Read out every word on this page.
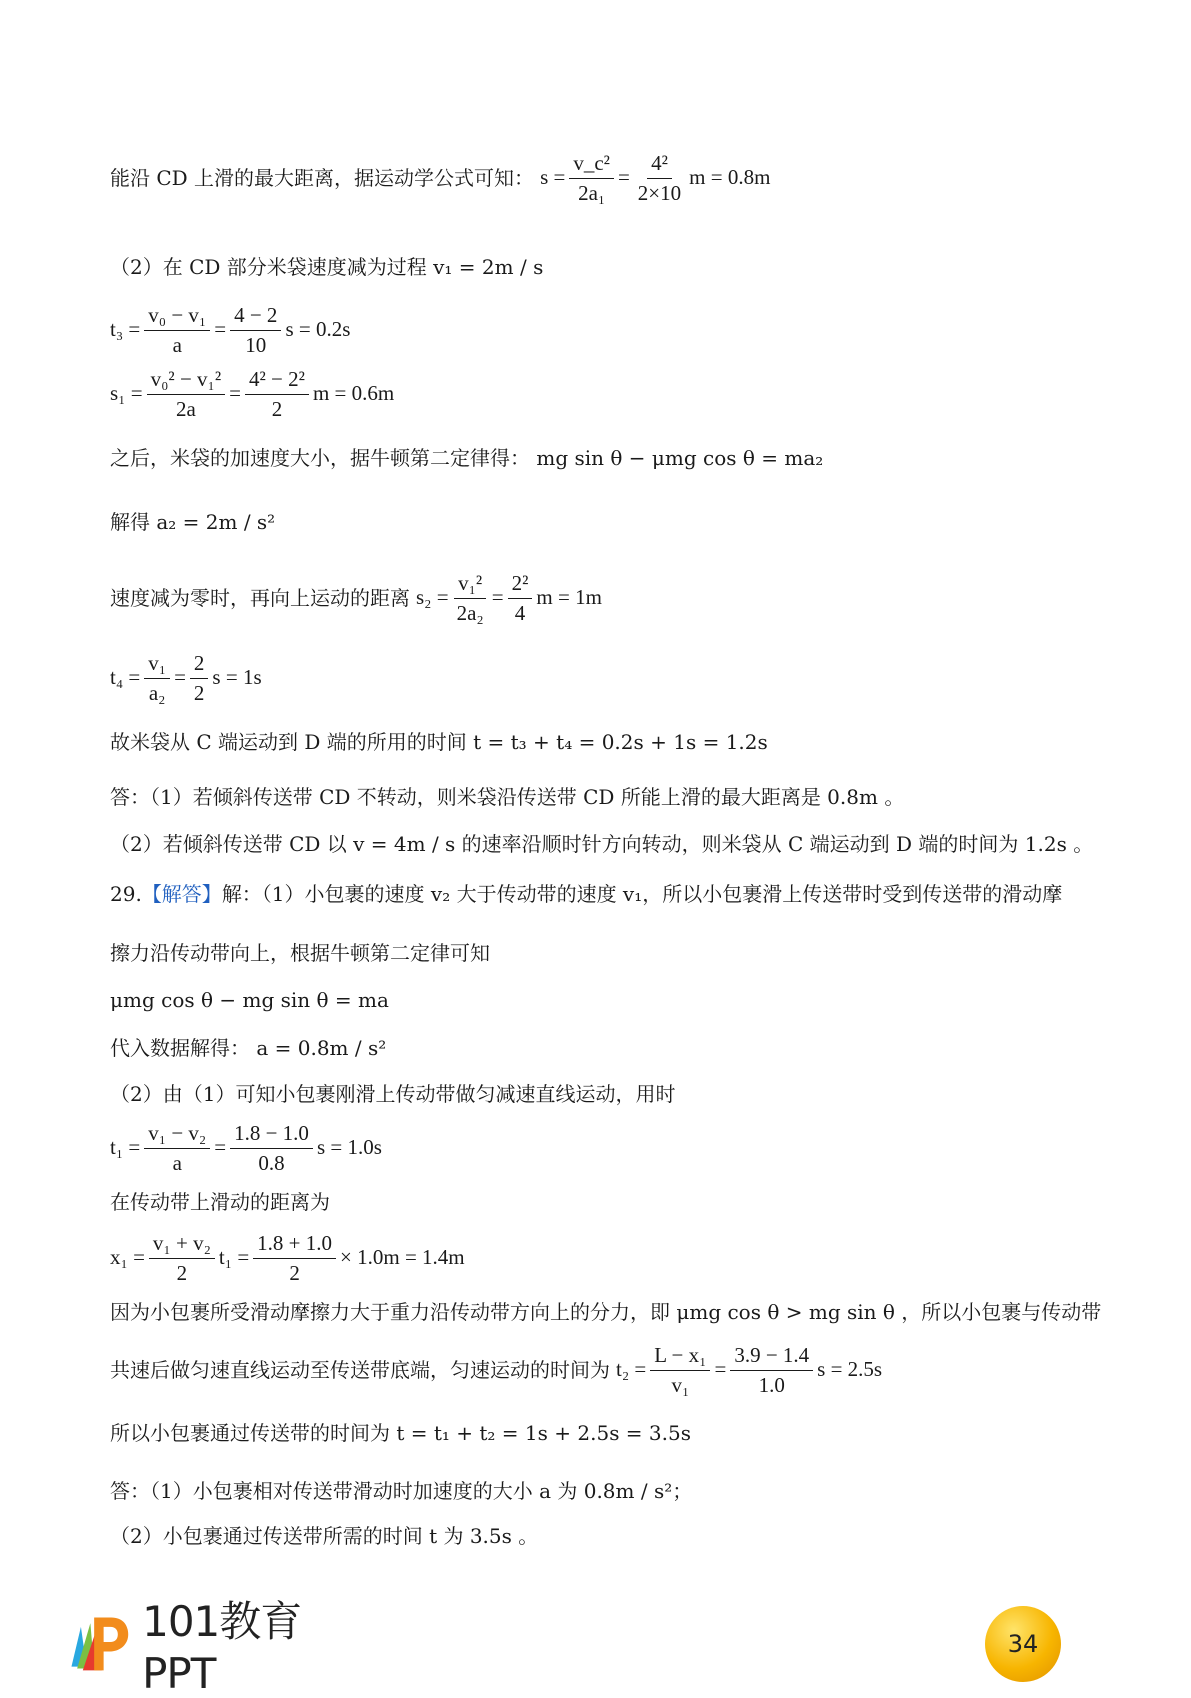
能沿 CD 上滑的最大距离，据运动学公式可知： $s = \frac{\text{v\_c²}}{\text{2a₁}} = \frac{\text{4²}}{2\times 10}$ m = 0.8m
（2）在 CD 部分米袋速度减为过程 v₁ = 2m / s
$t_3 = \frac{\text{v₀ − v₁}}{a} = \frac{4 - 2}{10}$ s = 0.2s
$s_1 = \frac{\text{v₀² − v₁²}}{2a} = \frac{\text{4² − 2²}}{2}$ m = 0.6m
之后，米袋的加速度大小，据牛顿第二定律得： mg sin θ − μmg cos θ = ma₂
解得 a₂ = 2m / s²
速度减为零时，再向上运动的距离 $s_2 = \frac{\text{v₁²}}{\text{2a₂}} = \frac{\text{2²}}{4}$ m = 1m
$t_4 = \frac{\text{v₁}}{\text{a₂}} = \frac{2}{2}$ s = 1s
故米袋从 C 端运动到 D 端的所用的时间 t = t₃ + t₄ = 0.2s + 1s = 1.2s
答：（1）若倾斜传送带 CD 不转动，则米袋沿传送带 CD 所能上滑的最大距离是 0.8m 。
（2）若倾斜传送带 CD 以 v = 4m / s 的速率沿顺时针方向转动，则米袋从 C 端运动到 D 端的时间为 1.2s 。
29. 【解答】 解：（1）小包裹的速度 v₂ 大于传动带的速度 v₁，所以小包裹滑上传送带时受到传送带的滑动摩
擦力沿传动带向上，根据牛顿第二定律可知
μmg cos θ − mg sin θ = ma
代入数据解得： a = 0.8m / s²
（2）由（1）可知小包裹刚滑上传动带做匀减速直线运动，用时
$t_1 = \frac{\text{v₁ − v₂}}{a} = \frac{1.8 - 1.0}{0.8}$ s = 1.0s
在传动带上滑动的距离为
$x_1 = \frac{\text{v₁ + v₂}}{2} t_1 = \frac{1.8 + 1.0}{2} \times 1.0m = 1.4m$
因为小包裹所受滑动摩擦力大于重力沿传动带方向上的分力，即 μmg cos θ > mg sin θ ，所以小包裹与传动带
共速后做匀速直线运动至传送带底端，匀速运动的时间为 $t_2 = \frac{\text{L − x₁}}{\text{v₁}} = \frac{3.9 - 1.4}{1.0}$ s = 2.5s
所以小包裹通过传送带的时间为 t = t₁ + t₂ = 1s + 2.5s = 3.5s
答：（1）小包裹相对传送带滑动时加速度的大小 a 为 0.8m / s²；
（2）小包裹通过传送带所需的时间 t 为 3.5s 。
101教育PPT
34
